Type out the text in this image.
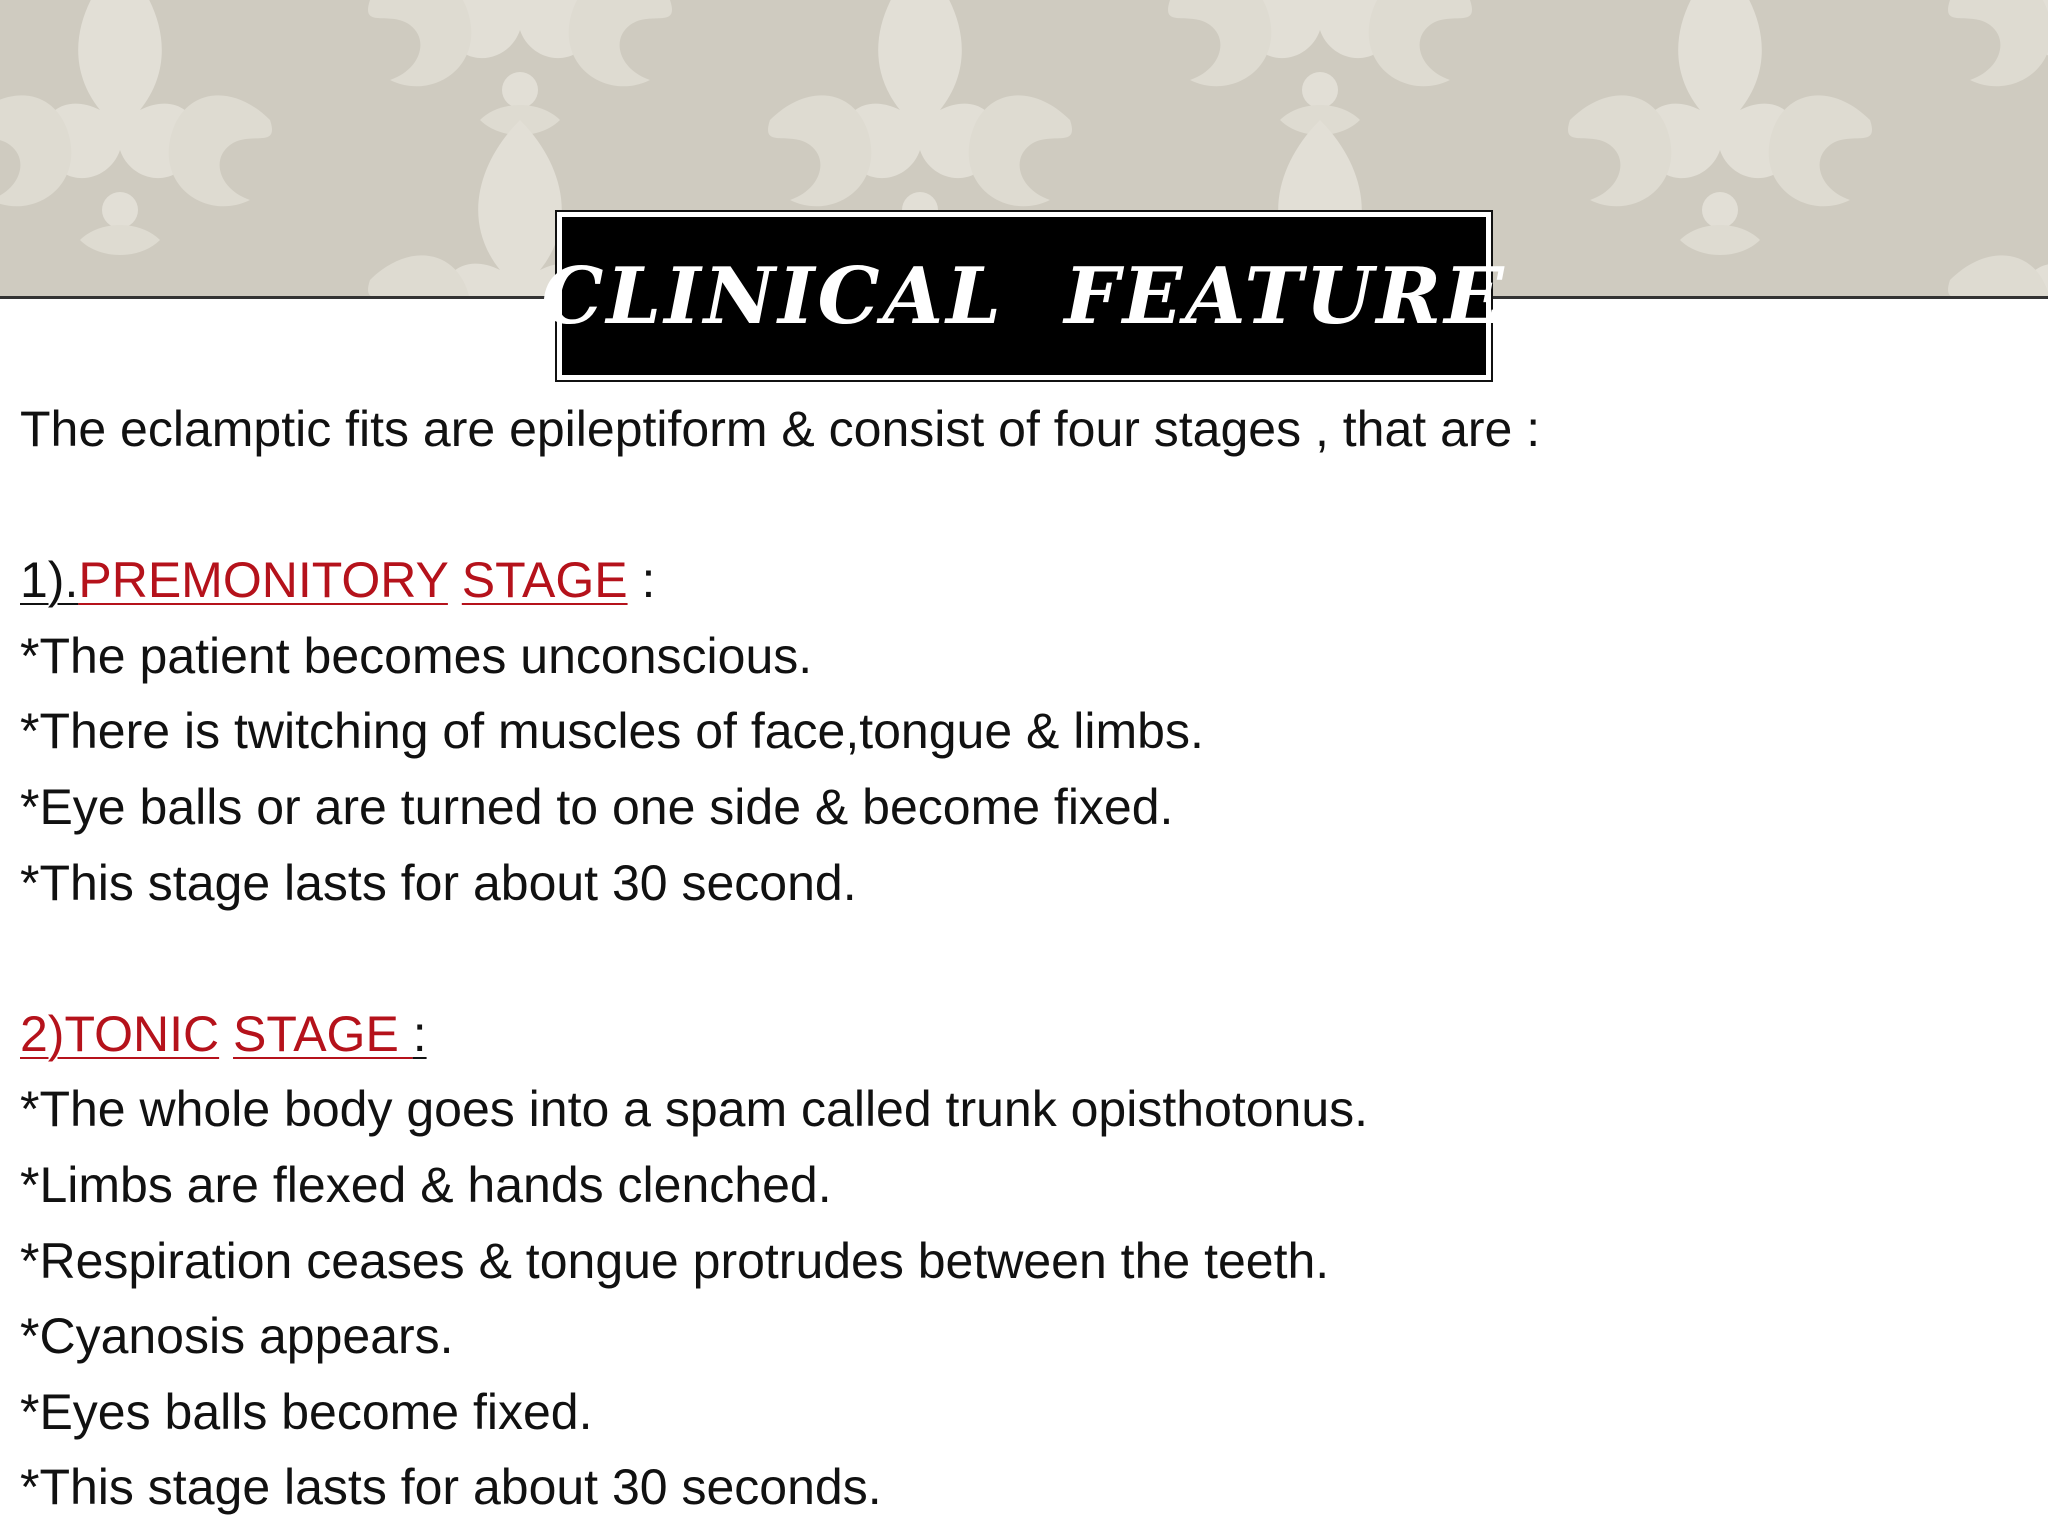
CLINICAL  FEATURE
The eclamptic fits are epileptiform & consist of four stages , that are :
1).PREMONITORY STAGE :
*The patient becomes unconscious.
*There is twitching of muscles of face,tongue & limbs.
*Eye balls or are turned to one side & become fixed.
*This stage lasts for about 30 second.
2)TONIC STAGE :
*The whole body goes into a spam called trunk opisthotonus.
*Limbs are flexed & hands clenched.
*Respiration ceases & tongue protrudes between the teeth.
*Cyanosis appears.
*Eyes balls become fixed.
*This stage lasts for about 30 seconds.
